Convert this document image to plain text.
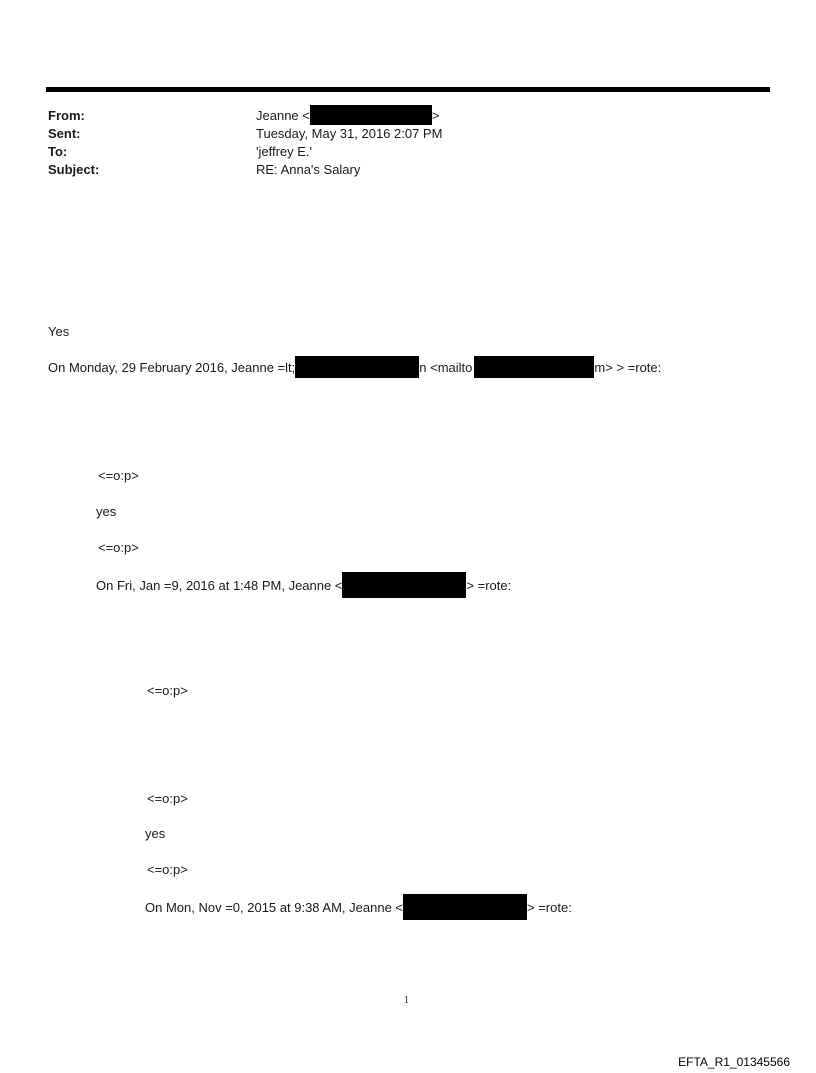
From:	Jeanne <	>
Sent:	Tuesday, May 31, 2016 2:07 PM
To:	'jeffrey E.'
Subject:	RE: Anna's Salary
Yes
On Monday, 29 February 2016, Jeanne =lt;	n <mailto	m> > =rote:
<=o:p>
yes
<=o:p>
On Fri, Jan =9, 2016 at 1:48 PM, Jeanne <	> =rote:
<=o:p>
<=o:p>
yes
<=o:p>
On Mon, Nov =0, 2015 at 9:38 AM, Jeanne <	> =rote:
1
EFTA_R1_01345566
